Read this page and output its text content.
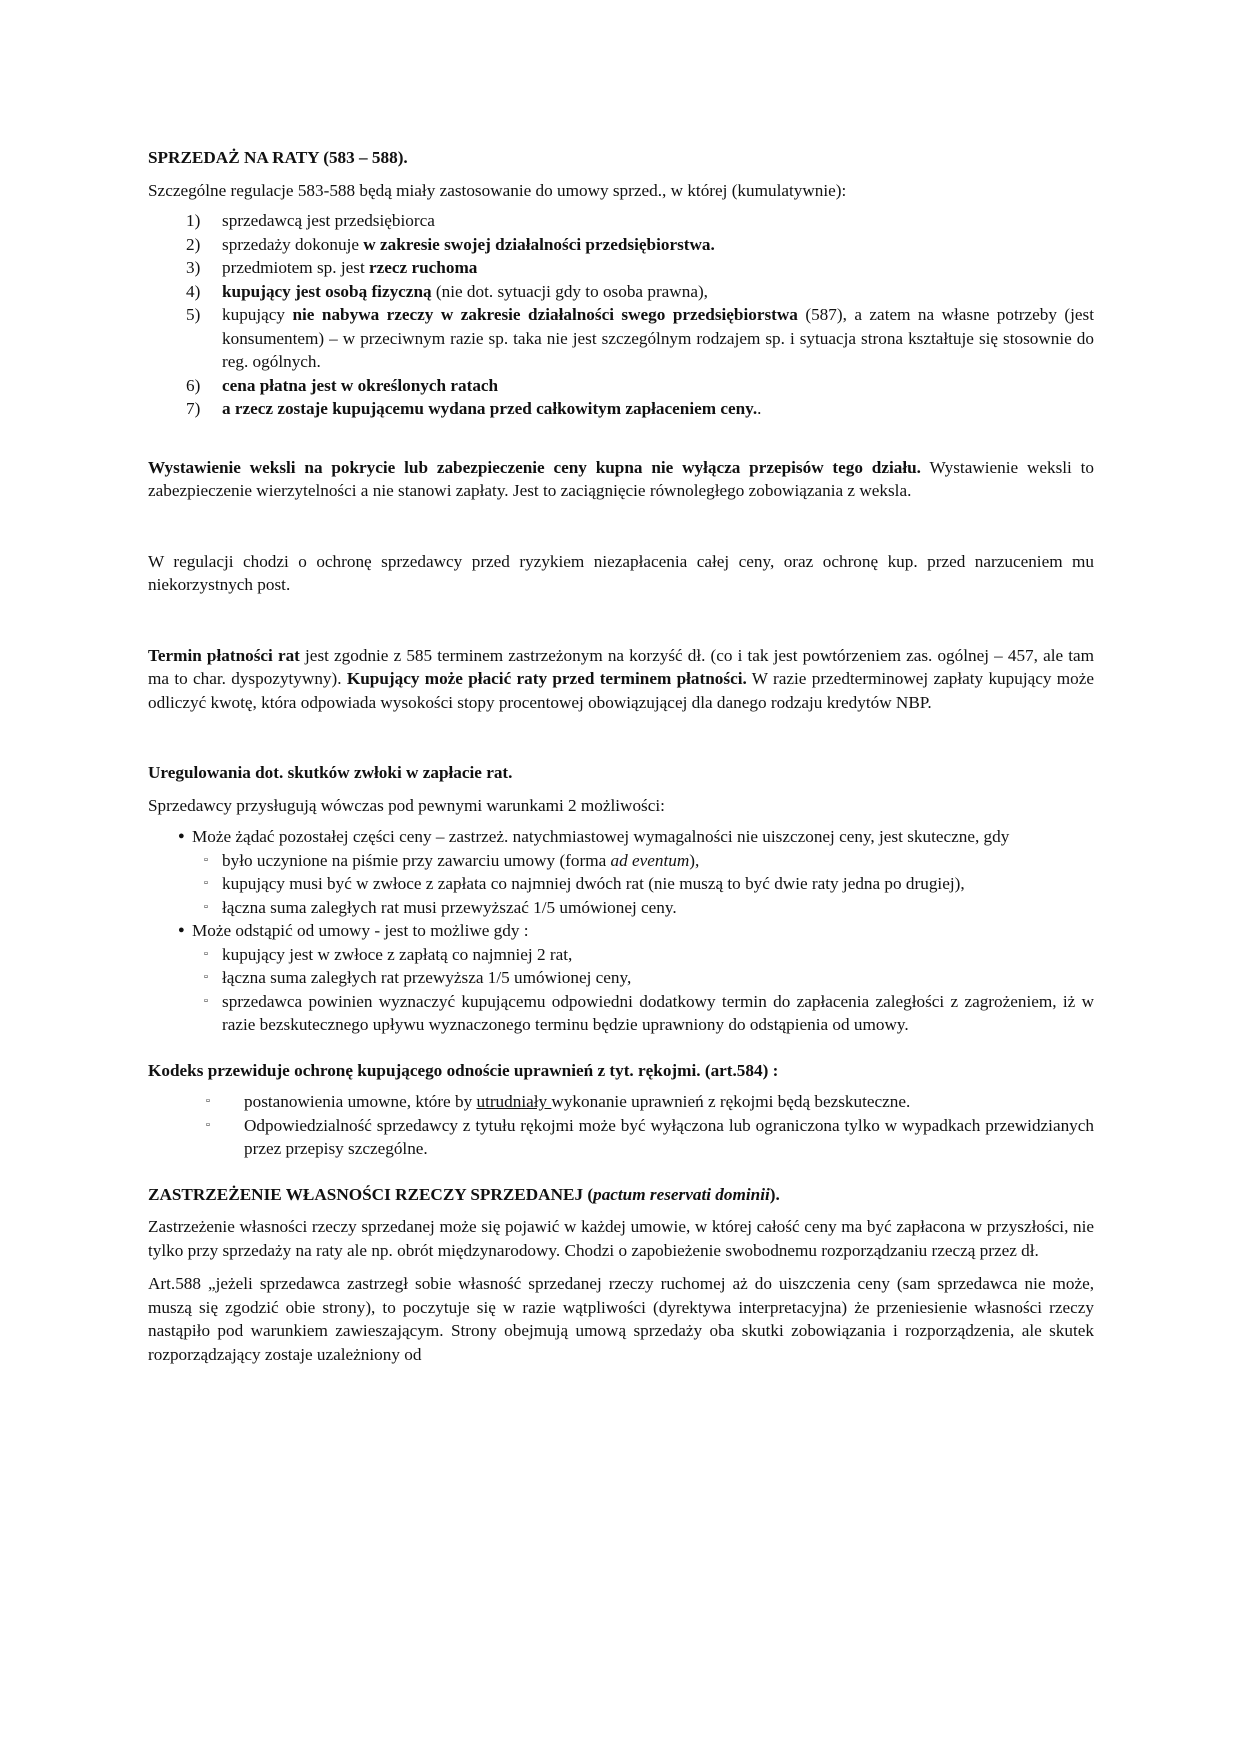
SPRZEDAŻ NA RATY (583 – 588).

Szczególne regulacje 583-588 będą miały zastosowanie do umowy sprzed., w której (kumulatywnie):

1)	sprzedawcą jest przedsiębiorca
2)	sprzedaży dokonuje w zakresie swojej działalności przedsiębiorstwa.
3)	przedmiotem sp. jest rzecz ruchoma
4)	kupujący jest osobą fizyczną (nie dot. sytuacji gdy to osoba prawna),
5)	kupujący nie nabywa rzeczy w zakresie działalności swego przedsiębiorstwa (587), a zatem na własne potrzeby (jest konsumentem) – w przeciwnym razie sp. taka nie jest szczególnym rodzajem sp. i sytuacja strona kształtuje się stosownie do reg. ogólnych.
6)	cena płatna jest w określonych ratach
7)	a rzecz zostaje kupującemu wydana przed całkowitym zapłaceniem ceny..

Wystawienie weksli na pokrycie lub zabezpieczenie ceny kupna nie wyłącza przepisów tego działu. Wystawienie weksli to zabezpieczenie wierzytelności a nie stanowi zapłaty. Jest to zaciągnięcie równoległego zobowiązania z weksla.

W regulacji chodzi o ochronę sprzedawcy przed ryzykiem niezapłacenia całej ceny, oraz ochronę kup. przed narzuceniem mu niekorzystnych post.

Termin płatności rat jest zgodnie z 585 terminem zastrzeżonym na korzyść dł. (co i tak jest powtórzeniem zas. ogólnej – 457, ale tam ma to char. dyspozytywny). Kupujący może płacić raty przed terminem płatności. W razie przedterminowej zapłaty kupujący może odliczyć kwotę, która odpowiada wysokości stopy procentowej obowiązującej dla danego rodzaju kredytów NBP.

Uregulowania dot. skutków zwłoki w zapłacie rat.

Sprzedawcy przysługują wówczas pod pewnymi warunkami 2 możliwości:

● Może żądać pozostałej części ceny – zastrzeż. natychmiastowej wymagalności nie uiszczonej ceny, jest skuteczne, gdy

▫ było uczynione na piśmie przy zawarciu umowy (forma ad eventum),
▫ kupujący musi być w zwłoce z zapłata co najmniej dwóch rat (nie muszą to być dwie raty jedna po drugiej),
▫ łączna suma zaległych rat musi przewyższać 1/5 umówionej ceny.
● Może odstąpić od umowy - jest to możliwe gdy :

▫ kupujący jest w zwłoce z zapłatą co najmniej 2 rat,
▫ łączna suma zaległych rat przewyższa 1/5 umówionej ceny,
▫ sprzedawca powinien wyznaczyć kupującemu odpowiedni dodatkowy termin do zapłacenia zaległości z zagrożeniem, iż w razie bezskutecznego upływu wyznaczonego terminu będzie uprawniony do odstąpienia od umowy.

Kodeks przewiduje ochronę kupującego odnoście uprawnień z tyt. rękojmi. (art.584) :

▫	postanowienia umowne, które by utrudniały wykonanie uprawnień z rękojmi będą bezskuteczne.
▫	Odpowiedzialność sprzedawcy z tytułu rękojmi może być wyłączona lub ograniczona tylko w wypadkach przewidzianych przez przepisy szczególne.

ZASTRZEŻENIE WŁASNOŚCI RZECZY SPRZEDANEJ (pactum reservati dominii).

Zastrzeżenie własności rzeczy sprzedanej może się pojawić w każdej umowie, w której całość ceny ma być zapłacona w przyszłości, nie tylko przy sprzedaży na raty ale np. obrót międzynarodowy. Chodzi o zapobieżenie swobodnemu rozporządzaniu rzeczą przez dł.

Art.588 „jeżeli sprzedawca zastrzegł sobie własność sprzedanej rzeczy ruchomej aż do uiszczenia ceny (sam sprzedawca nie może, muszą się zgodzić obie strony), to poczytuje się w razie wątpliwości (dyrektywa interpretacyjna) że przeniesienie własności rzeczy nastąpiło pod warunkiem zawieszającym. Strony obejmują umową sprzedaży oba skutki zobowiązania i rozporządzenia, ale skutek rozporządzający zostaje uzależniony od
